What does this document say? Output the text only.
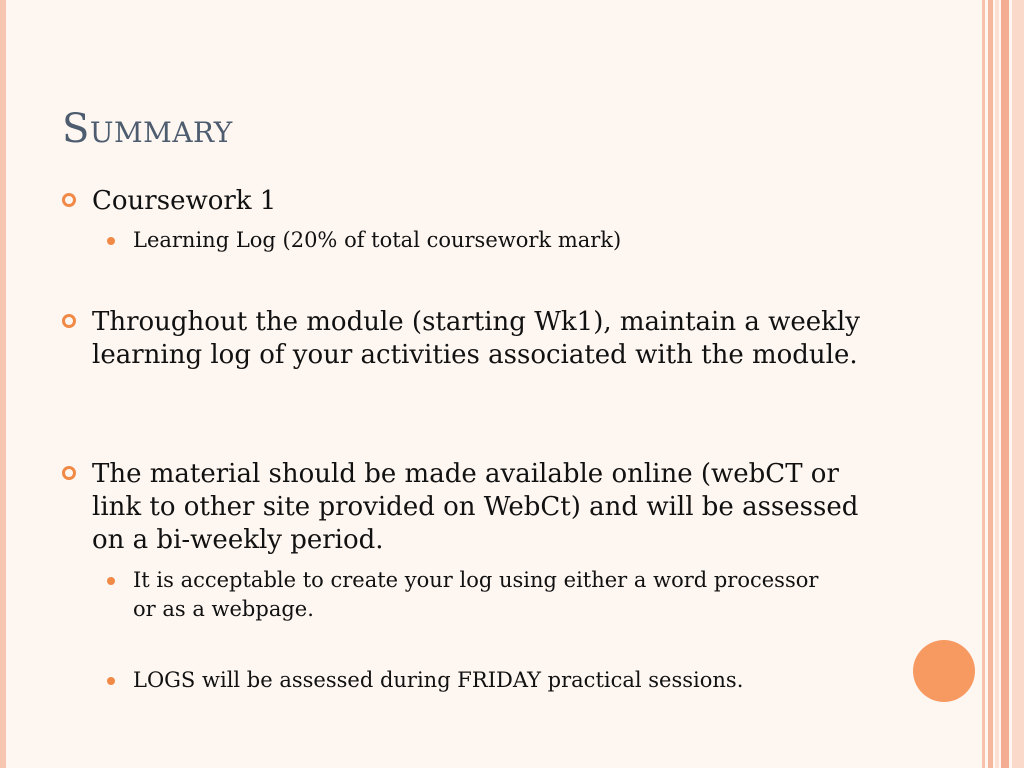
Summary
Coursework 1
Learning Log (20% of total coursework mark)
Throughout the module (starting Wk1), maintain a weekly learning log of your activities associated with the module.
The material should be made available online (webCT or link to other site provided on WebCt) and will be assessed on a bi-weekly period.
It is acceptable to create your log using either a word processor or as a webpage.
LOGS will be assessed during FRIDAY practical sessions.
